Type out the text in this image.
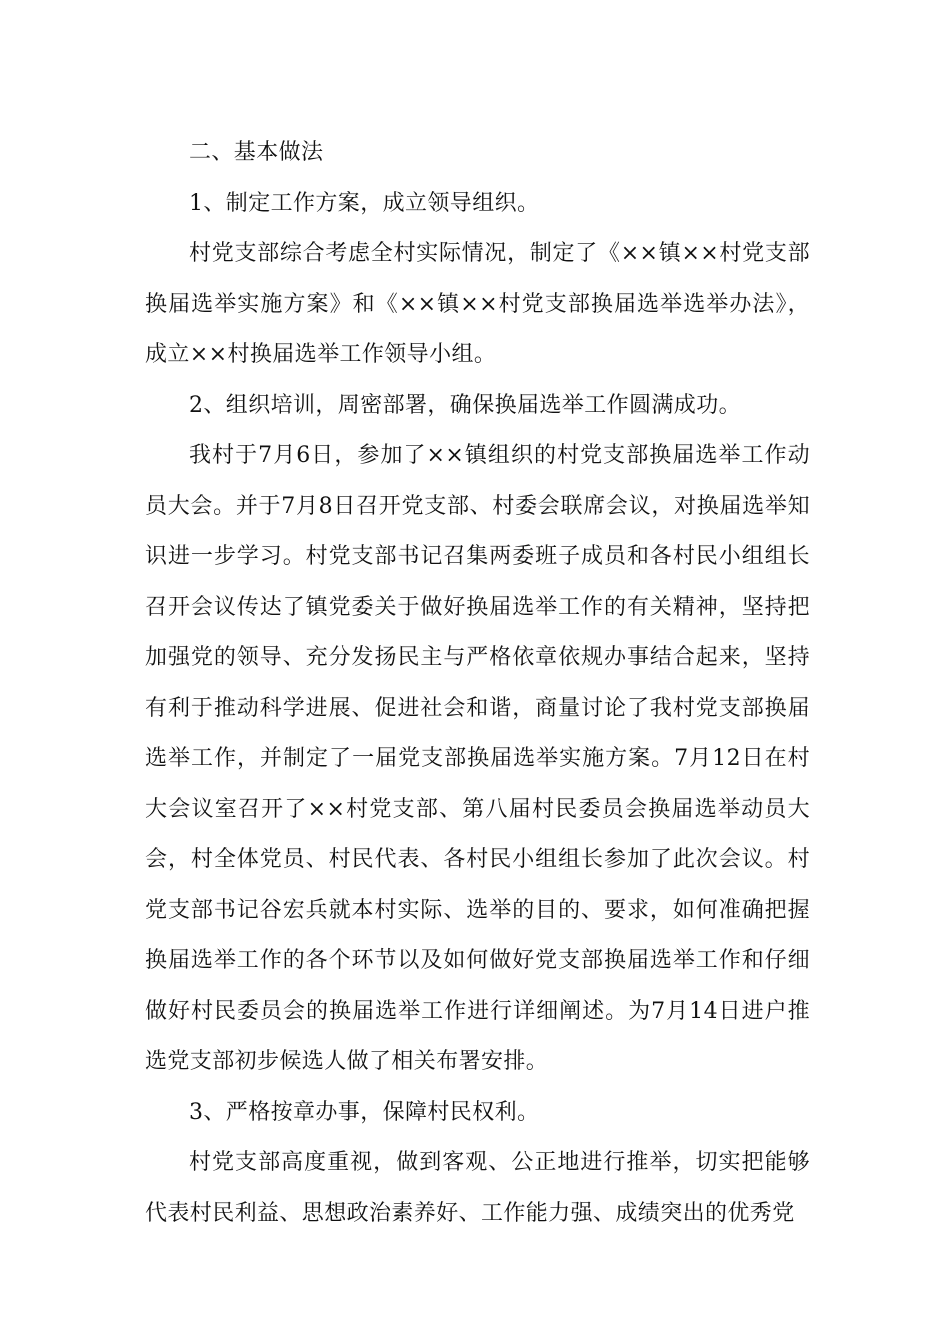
二、基本做法

1、制定工作方案，成立领导组织。

村党支部综合考虑全村实际情况，制定了《××镇××村党支部换届选举实施方案》和《××镇××村党支部换届选举选举办法》，成立××村换届选举工作领导小组。

2、组织培训，周密部署，确保换届选举工作圆满成功。

我村于7月6日，参加了××镇组织的村党支部换届选举工作动员大会。并于7月8日召开党支部、村委会联席会议，对换届选举知识进一步学习。村党支部书记召集两委班子成员和各村民小组组长召开会议传达了镇党委关于做好换届选举工作的有关精神，坚持把加强党的领导、充分发扬民主与严格依章依规办事结合起来，坚持有利于推动科学进展、促进社会和谐，商量讨论了我村党支部换届选举工作，并制定了一届党支部换届选举实施方案。7月12日在村大会议室召开了××村党支部、第八届村民委员会换届选举动员大会，村全体党员、村民代表、各村民小组组长参加了此次会议。村党支部书记谷宏兵就本村实际、选举的目的、要求，如何准确把握换届选举工作的各个环节以及如何做好党支部换届选举工作和仔细做好村民委员会的换届选举工作进行详细阐述。为7月14日进户推选党支部初步候选人做了相关布署安排。

3、严格按章办事，保障村民权利。

村党支部高度重视，做到客观、公正地进行推举，切实把能够代表村民利益、思想政治素养好、工作能力强、成绩突出的优秀党
